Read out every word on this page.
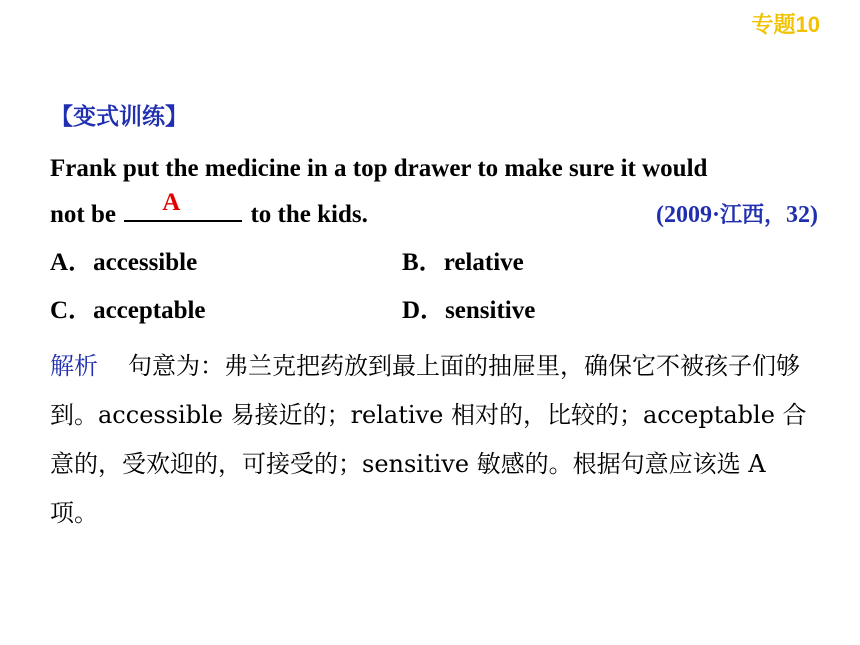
专题10
【变式训练】
Frank put the medicine in a top drawer to make sure it would
not be A	to the kids.	(2009·江西，32)
A．accessible	B．relative
C．acceptable	D．sensitive
解析 句意为：弗兰克把药放到最上面的抽屉里，确保它不被孩子们够到。accessible 易接近的；relative 相对的，比较的；acceptable 合意的，受欢迎的，可接受的；sensitive 敏感的。根据句意应该选 A 项。
